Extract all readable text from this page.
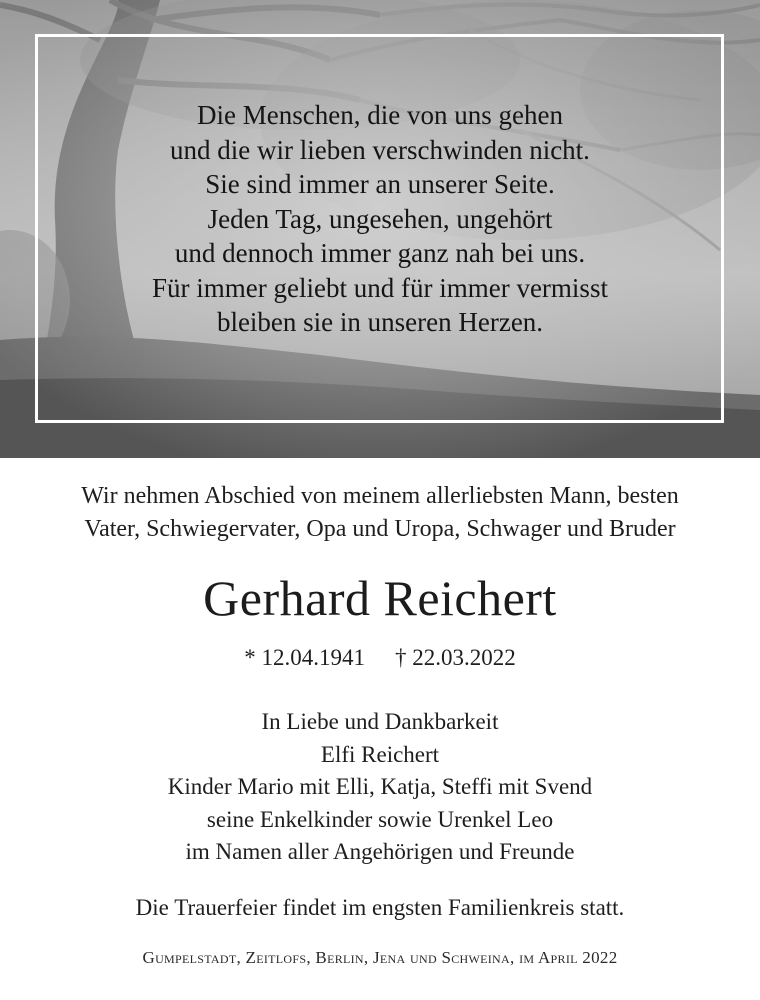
Die Menschen, die von uns gehen
und die wir lieben verschwinden nicht.
Sie sind immer an unserer Seite.
Jeden Tag, ungesehen, ungehört
und dennoch immer ganz nah bei uns.
Für immer geliebt und für immer vermisst
bleiben sie in unseren Herzen.
Wir nehmen Abschied von meinem allerliebsten Mann, besten
Vater, Schwiegervater, Opa und Uropa, Schwager und Bruder
Gerhard Reichert
* 12.04.1941 † 22.03.2022
In Liebe und Dankbarkeit
Elfi Reichert
Kinder Mario mit Elli, Katja, Steffi mit Svend
seine Enkelkinder sowie Urenkel Leo
im Namen aller Angehörigen und Freunde
Die Trauerfeier findet im engsten Familienkreis statt.
Gumpelstadt, Zeitlofs, Berlin, Jena und Schweina, im April 2022
